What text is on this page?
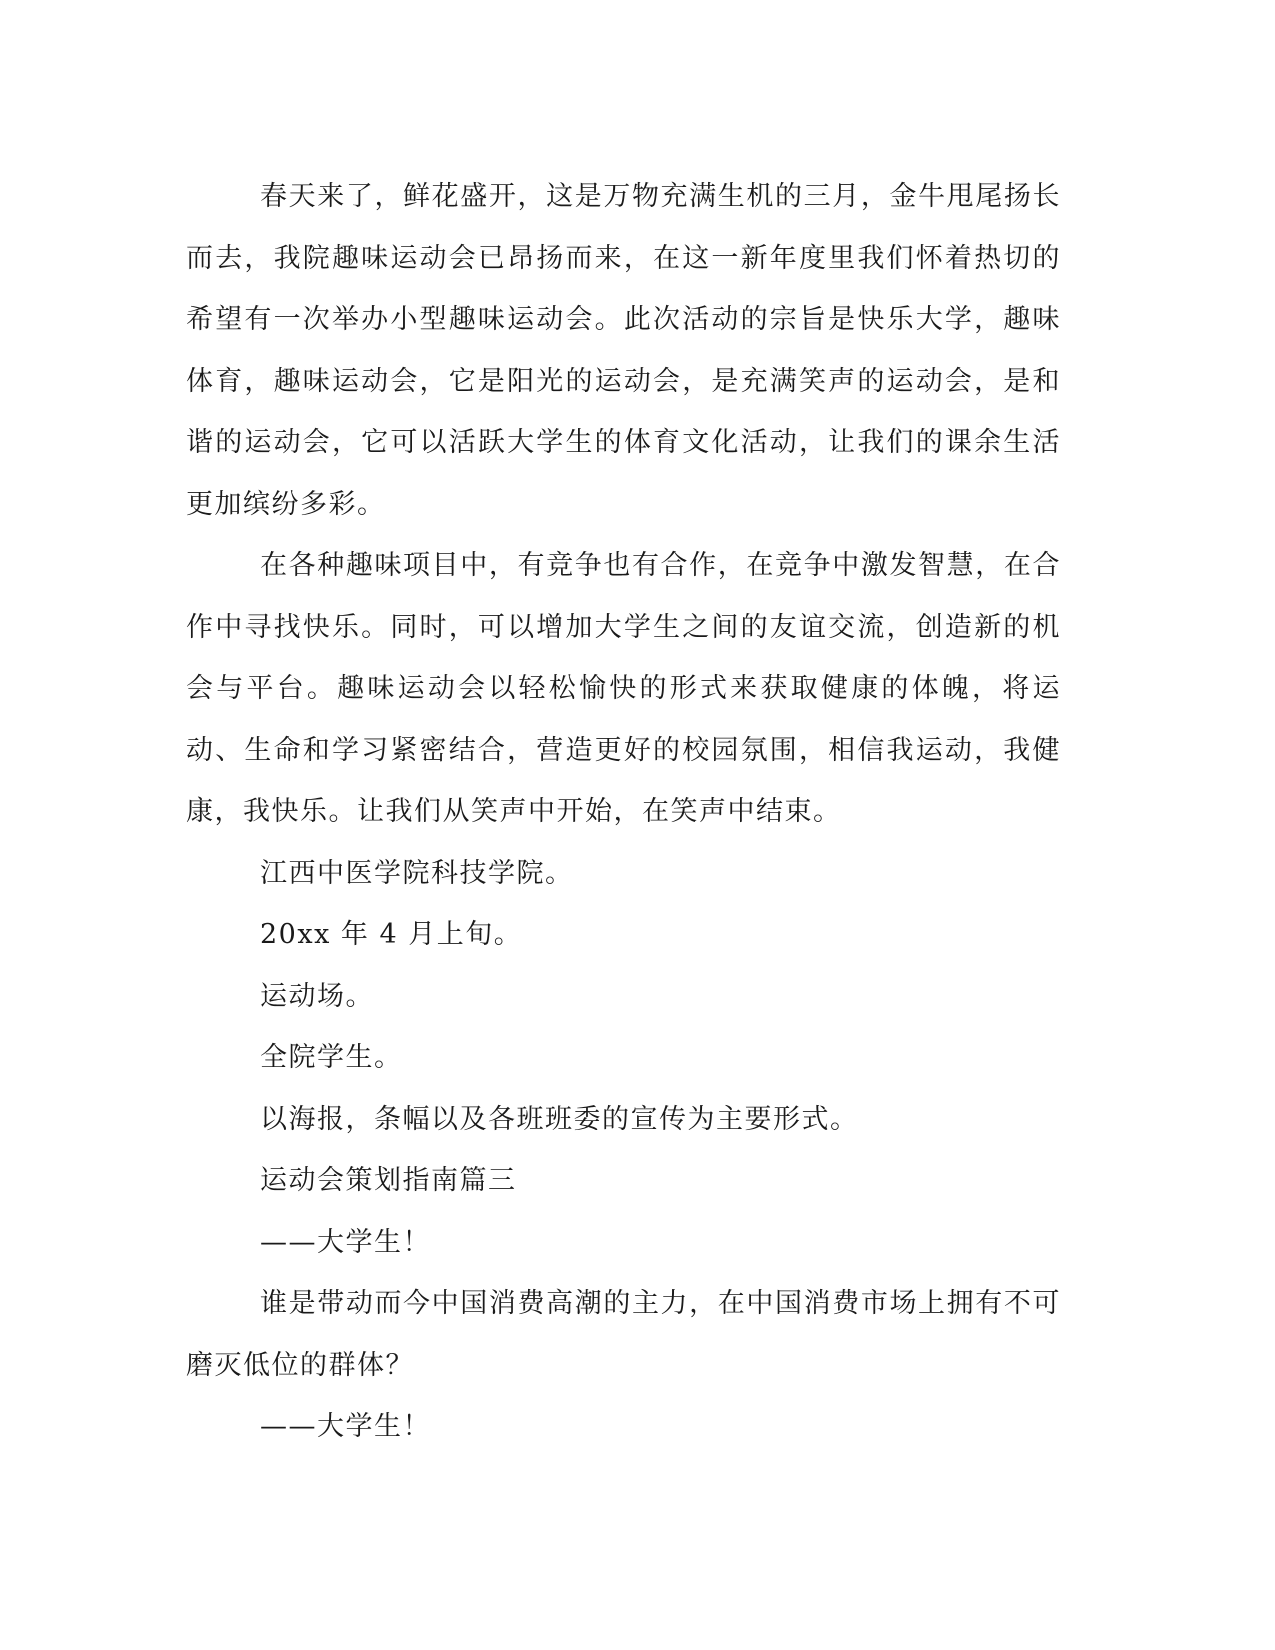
春天来了，鲜花盛开，这是万物充满生机的三月，金牛甩尾扬长而去，我院趣味运动会已昂扬而来，在这一新年度里我们怀着热切的希望有一次举办小型趣味运动会。此次活动的宗旨是快乐大学，趣味体育，趣味运动会，它是阳光的运动会，是充满笑声的运动会，是和谐的运动会，它可以活跃大学生的体育文化活动，让我们的课余生活更加缤纷多彩。

在各种趣味项目中，有竞争也有合作，在竞争中激发智慧，在合作中寻找快乐。同时，可以增加大学生之间的友谊交流，创造新的机会与平台。趣味运动会以轻松愉快的形式来获取健康的体魄，将运动、生命和学习紧密结合，营造更好的校园氛围，相信我运动，我健康，我快乐。让我们从笑声中开始，在笑声中结束。

江西中医学院科技学院。

20xx 年 4 月上旬。

运动场。

全院学生。

以海报，条幅以及各班班委的宣传为主要形式。

运动会策划指南篇三

——大学生！

谁是带动而今中国消费高潮的主力，在中国消费市场上拥有不可磨灭低位的群体？

——大学生！
